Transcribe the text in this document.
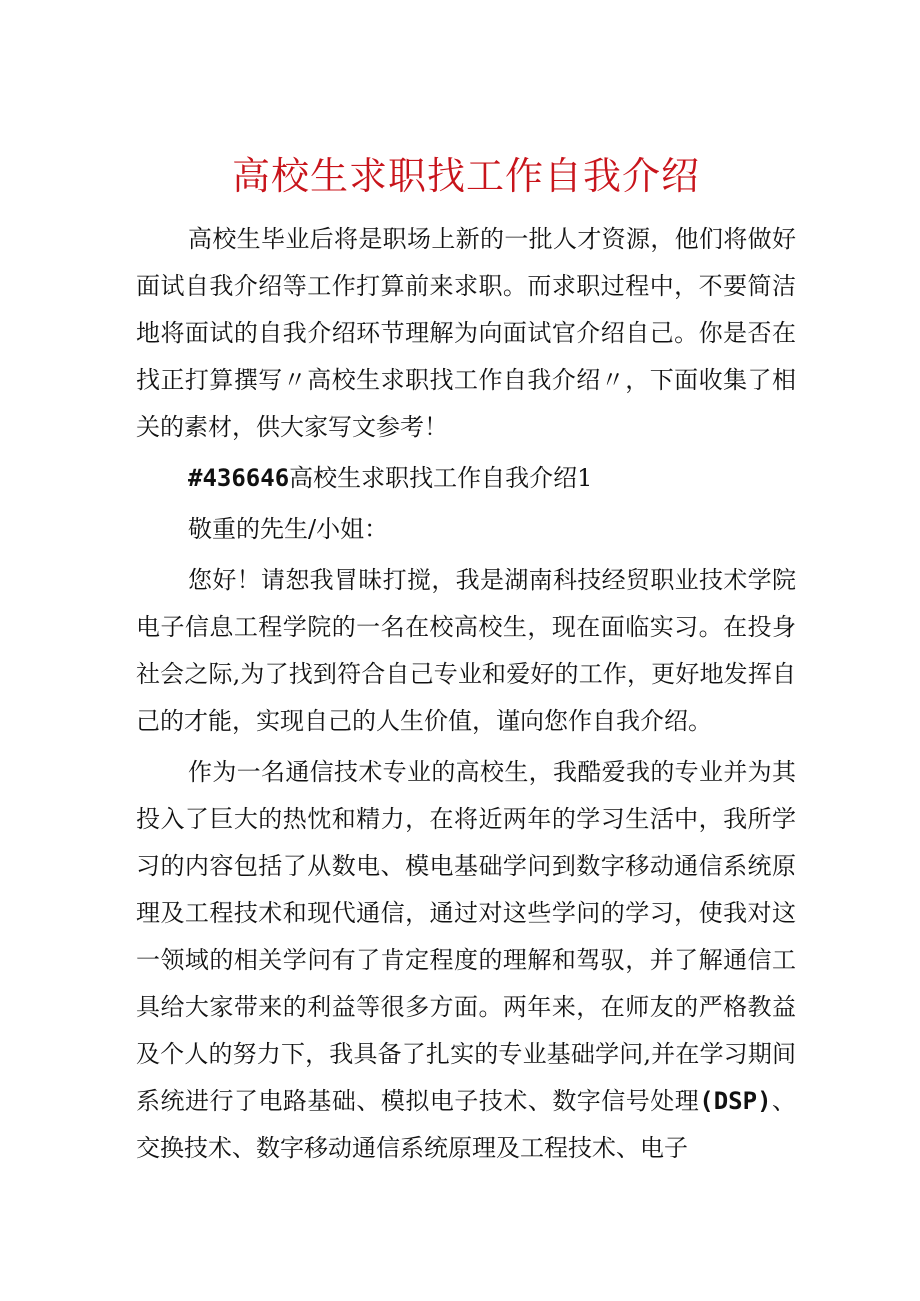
高校生求职找工作自我介绍

高校生毕业后将是职场上新的一批人才资源，他们将做好面试自我介绍等工作打算前来求职。而求职过程中，不要简洁地将面试的自我介绍环节理解为向面试官介绍自己。你是否在找正打算撰写〃高校生求职找工作自我介绍〃，下面收集了相关的素材，供大家写文参考！

#436646高校生求职找工作自我介绍1

敬重的先生/小姐：

您好！请恕我冒昧打搅，我是湖南科技经贸职业技术学院电子信息工程学院的一名在校高校生，现在面临实习。在投身社会之际,为了找到符合自己专业和爱好的工作，更好地发挥自己的才能，实现自己的人生价值，谨向您作自我介绍。

作为一名通信技术专业的高校生，我酷爱我的专业并为其投入了巨大的热忱和精力，在将近两年的学习生活中，我所学习的内容包括了从数电、模电基础学问到数字移动通信系统原理及工程技术和现代通信，通过对这些学问的学习，使我对这一领域的相关学问有了肯定程度的理解和驾驭，并了解通信工具给大家带来的利益等很多方面。两年来，在师友的严格教益及个人的努力下，我具备了扎实的专业基础学问,并在学习期间系统进行了电路基础、模拟电子技术、数字信号处理(DSP)、交换技术、数字移动通信系统原理及工程技术、电子
